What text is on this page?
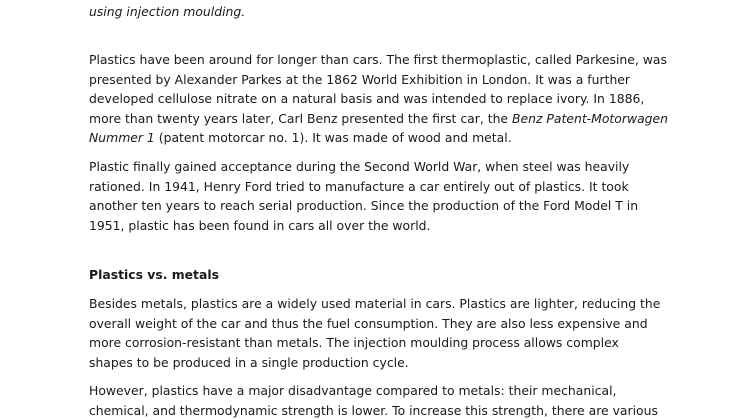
using injection moulding.

Plastics have been around for longer than cars. The first thermoplastic, called Parkesine, was
presented by Alexander Parkes at the 1862 World Exhibition in London. It was a further
developed cellulose nitrate on a natural basis and was intended to replace ivory. In 1886,
more than twenty years later, Carl Benz presented the first car, the Benz Patent-Motorwagen
Nummer 1 (patent motorcar no. 1). It was made of wood and metal.

Plastic finally gained acceptance during the Second World War, when steel was heavily
rationed. In 1941, Henry Ford tried to manufacture a car entirely out of plastics. It took
another ten years to reach serial production. Since the production of the Ford Model T in
1951, plastic has been found in cars all over the world.

Plastics vs. metals

Besides metals, plastics are a widely used material in cars. Plastics are lighter, reducing the
overall weight of the car and thus the fuel consumption. They are also less expensive and
more corrosion-resistant than metals. The injection moulding process allows complex
shapes to be produced in a single production cycle.

However, plastics have a major disadvantage compared to metals: their mechanical,
chemical, and thermodynamic strength is lower. To increase this strength, there are various
